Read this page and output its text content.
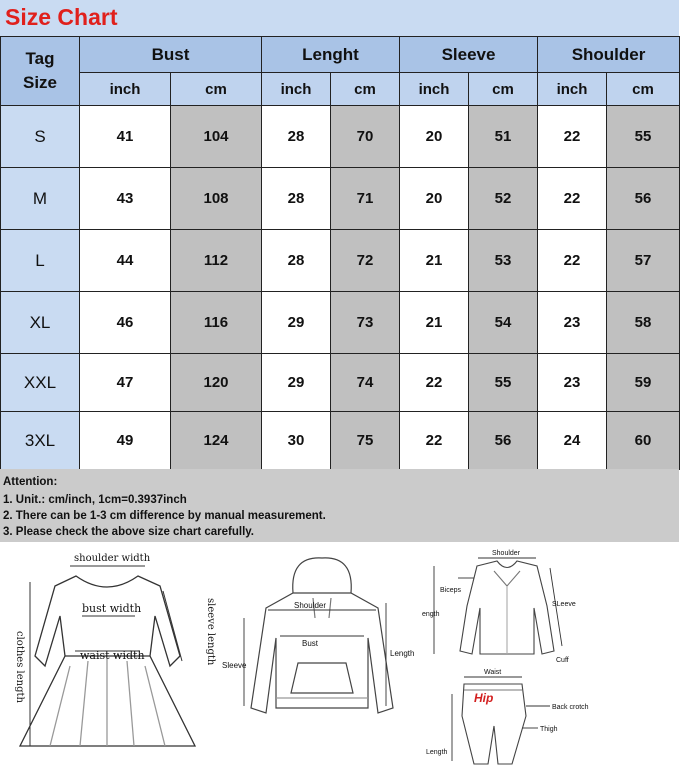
Size Chart
Tag
Size	Bust		Lenght		Sleeve		Shoulder	
	inch	cm	inch	cm	inch	cm	inch	cm
S	41	104	28	70	20	51	22	55
M	43	108	28	71	20	52	22	56
L	44	112	28	72	21	53	22	57
XL	46	116	29	73	21	54	23	58
XXL	47	120	29	74	22	55	23	59
3XL	49	124	30	75	22	56	24	60
Attention:
1. Unit.: cm/inch, 1cm=0.3937inch
2. There can be 1-3 cm difference by manual measurement.
3. Please check the above size chart carefully.
shoulder width
bust width
waist width	sleeve length
clothes length
Shoulder
Bust
Length
Sleeve
Shoulder
Biceps
ength
SLeeve
Cuff
Waist
Hip
Back crotch
Thigh
Length
